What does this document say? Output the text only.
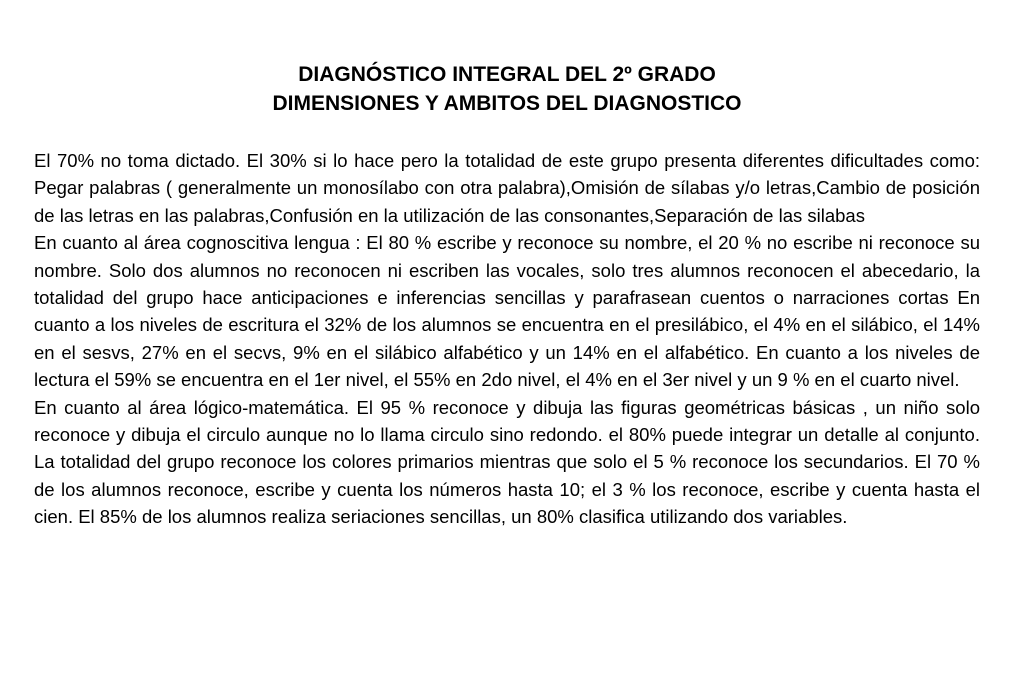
DIAGNÓSTICO INTEGRAL DEL 2º GRADO

DIMENSIONES Y AMBITOS DEL DIAGNOSTICO

El 70% no toma dictado. El 30% si lo hace pero la totalidad de este grupo presenta diferentes dificultades como: Pegar palabras ( generalmente un monosílabo con otra palabra),Omisión de sílabas y/o letras,Cambio de posición de las letras en las palabras,Confusión en la utilización de las consonantes,Separación de las silabas

En cuanto al área cognoscitiva lengua : El 80 % escribe y reconoce su nombre, el 20 % no escribe ni reconoce su nombre. Solo dos alumnos no reconocen ni escriben las vocales, solo tres alumnos reconocen el abecedario, la totalidad del grupo hace anticipaciones e inferencias sencillas y parafrasean cuentos o narraciones cortas En cuanto a los niveles de escritura el 32% de los alumnos se encuentra en el presilábico, el 4% en el silábico, el 14% en el sesvs, 27% en el secvs, 9% en el silábico alfabético y un 14% en el alfabético. En cuanto a los niveles de lectura el 59% se encuentra en el 1er nivel, el 55% en 2do nivel, el 4% en el 3er nivel y un 9 % en el cuarto nivel.

En cuanto al área lógico-matemática. El 95 % reconoce y dibuja las figuras geométricas básicas , un niño solo reconoce y dibuja el circulo aunque no lo llama circulo sino redondo. el 80% puede integrar un detalle al conjunto. La totalidad del grupo reconoce los colores primarios mientras que solo el 5 % reconoce los secundarios. El 70 % de los alumnos reconoce, escribe y cuenta los números hasta 10; el 3 % los reconoce, escribe y cuenta hasta el cien. El 85% de los alumnos realiza seriaciones sencillas, un 80% clasifica utilizando dos variables.
